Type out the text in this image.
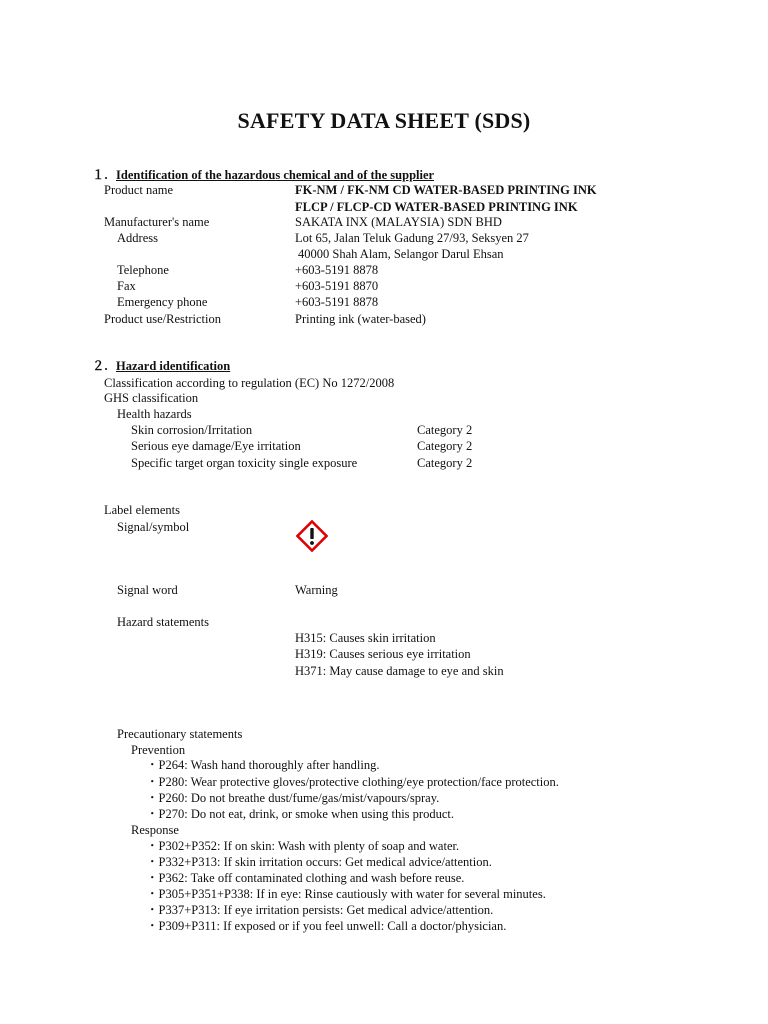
SAFETY DATA SHEET (SDS)
１. Identification of the hazardous chemical and of the supplier
Product name	FK-NM / FK-NM CD WATER-BASED PRINTING INK
FLCP / FLCP-CD WATER-BASED PRINTING INK
Manufacturer's name	SAKATA INX (MALAYSIA) SDN BHD
Address	Lot 65, Jalan Teluk Gadung 27/93, Seksyen 27
40000 Shah Alam, Selangor Darul Ehsan
Telephone	+603-5191 8878
Fax	+603-5191 8870
Emergency phone	+603-5191 8878
Product use/Restriction	Printing ink (water-based)
２. Hazard identification
Classification according to regulation (EC) No 1272/2008
GHS classification
Health hazards
Skin corrosion/Irritation	Category 2
Serious eye damage/Eye irritation	Category 2
Specific target organ toxicity single exposure	Category 2
Label elements
Signal/symbol
Signal word	Warning
Hazard statements
H315: Causes skin irritation
H319: Causes serious eye irritation
H371: May cause damage to eye and skin
Precautionary statements
Prevention
・P264: Wash hand thoroughly after handling.
・P280: Wear protective gloves/protective clothing/eye protection/face protection.
・P260: Do not breathe dust/fume/gas/mist/vapours/spray.
・P270: Do not eat, drink, or smoke when using this product.
Response
・P302+P352: If on skin: Wash with plenty of soap and water.
・P332+P313: If skin irritation occurs: Get medical advice/attention.
・P362: Take off contaminated clothing and wash before reuse.
・P305+P351+P338: If in eye: Rinse cautiously with water for several minutes.
・P337+P313: If eye irritation persists: Get medical advice/attention.
・P309+P311: If exposed or if you feel unwell: Call a doctor/physician.
